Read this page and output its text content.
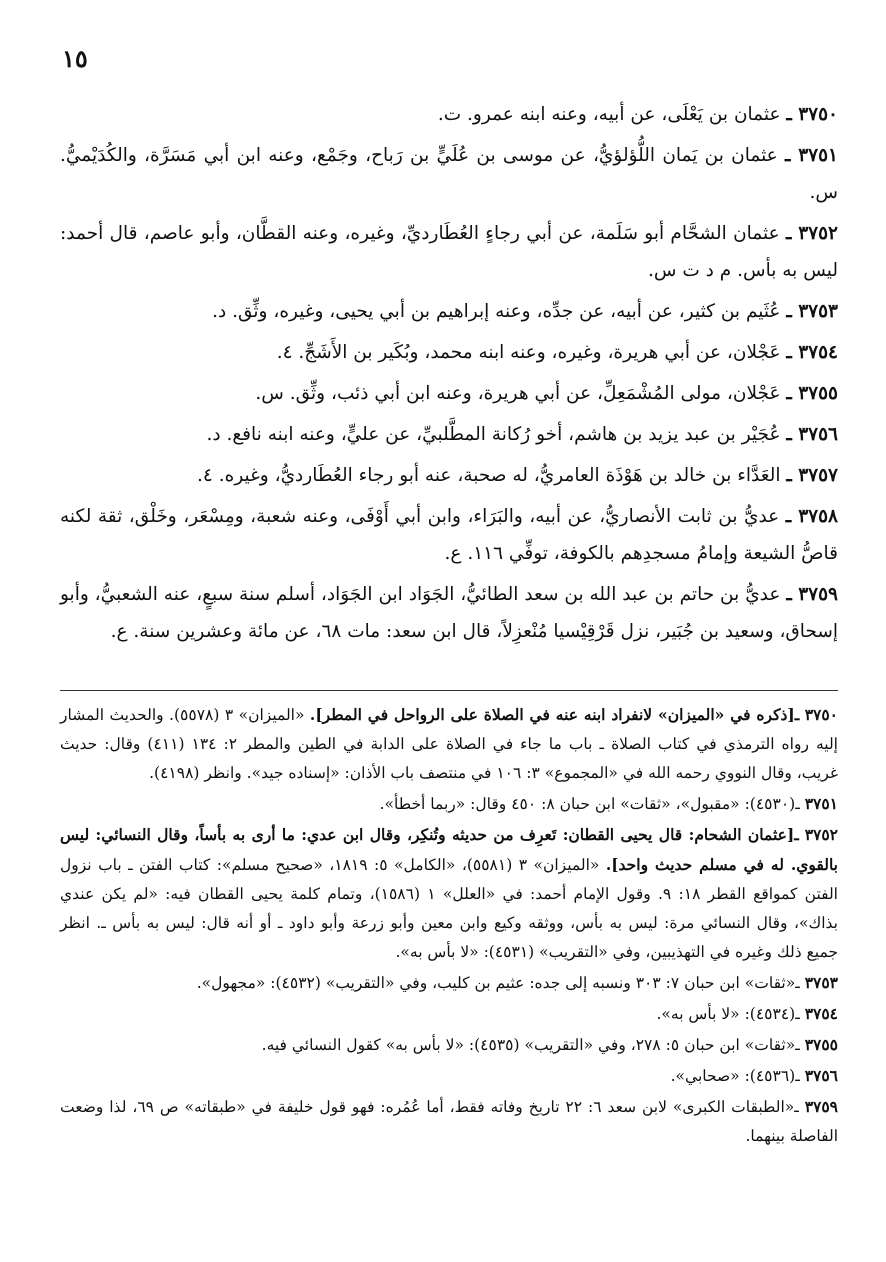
١٥

٣٧٥٠ ـ عثمان بن يَعْلَى، عن أبيه، وعنه ابنه عمرو. ت.

٣٧٥١ ـ عثمان بن يَمان اللُّؤلؤيُّ، عن موسى بن عُلَيٍّ بن رَباح، وجَمْع، وعنه ابن أبي مَسَرَّة، والكُدَيْميُّ. س.

٣٧٥٢ ـ عثمان الشحَّام أبو سَلَمة، عن أبي رجاءٍ العُطَارديِّ، وغيره، وعنه القطَّان، وأبو عاصم، قال أحمد: ليس به بأس. م د ت س.

٣٧٥٣ ـ عُثَيم بن كثير، عن أبيه، عن جدِّه، وعنه إبراهيم بن أبي يحيى، وغيره، وثِّق. د.

٣٧٥٤ ـ عَجْلان، عن أبي هريرة، وغيره، وعنه ابنه محمد، وبُكَير بن الأَشَجِّ. ٤.

٣٧٥٥ ـ عَجْلان، مولى المُشْمَعِلِّ، عن أبي هريرة، وعنه ابن أبي ذئب، وثِّق. س.

٣٧٥٦ ـ عُجَيْر بن عبد يزيد بن هاشم، أخو رُكانة المطَّلبيِّ، عن عليٍّ، وعنه ابنه نافع. د.

٣٧٥٧ ـ العَدَّاء بن خالد بن هَوْذَة العامريُّ، له صحبة، عنه أبو رجاء العُطَارديُّ، وغيره. ٤.

٣٧٥٨ ـ عديُّ بن ثابت الأنصاريُّ، عن أبيه، والبَرَاء، وابن أبي أَوْفَى، وعنه شعبة، ومِسْعَر، وخَلْق، ثقة لكنه قاصُّ الشيعة وإمامُ مسجدِهم بالكوفة، توفِّي ١١٦. ع.

٣٧٥٩ ـ عديُّ بن حاتم بن عبد الله بن سعد الطائيُّ، الجَوَاد ابن الجَوَاد، أسلم سنة سبعٍ، عنه الشعبيُّ، وأبو إسحاق، وسعيد بن جُبَير، نزل قَرْقِيْسيا مُنْعزِلاً، قال ابن سعد: مات ٦٨، عن مائة وعشرين سنة. ع.

٣٧٥٠ ـ[ذكره في «الميزان» لانفراد ابنه عنه في الصلاة على الرواحل في المطر]. «الميزان» ٣ (٥٥٧٨). والحديث المشار إليه رواه الترمذي في كتاب الصلاة ـ باب ما جاء في الصلاة على الدابة في الطين والمطر ٢: ١٣٤ (٤١١) وقال: حديث غريب، وقال النووي رحمه الله في «المجموع» ٣: ١٠٦ في منتصف باب الأذان: «إسناده جيد». وانظر (٤١٩٨).

٣٧٥١ ـ(٤٥٣٠): «مقبول»، «ثقات» ابن حبان ٨: ٤٥٠ وقال: «ربما أخطأ».

٣٧٥٢ ـ[عثمان الشحام: قال يحيى القطان: تَعرِف من حديثه وتُنكِر، وقال ابن عدي: ما أرى به بأساً، وقال النسائي: ليس بالقوي. له في مسلم حديث واحد]. «الميزان» ٣ (٥٥٨١)، «الكامل» ٥: ١٨١٩، «صحيح مسلم»: كتاب الفتن ـ باب نزول الفتن كمواقع القطر ١٨: ٩. وقول الإمام أحمد: في «العلل» ١ (١٥٨٦)، وتمام كلمة يحيى القطان فيه: «لم يكن عندي بذاك»، وقال النسائي مرة: ليس به بأس، ووثقه وكيع وابن معين وأبو زرعة وأبو داود ـ أو أنه قال: ليس به بأس ـ. انظر جميع ذلك وغيره في التهذيبين، وفي «التقريب» (٤٥٣١): «لا بأس به».

٣٧٥٣ ـ«ثقات» ابن حبان ٧: ٣٠٣ ونسبه إلى جده: عثيم بن كليب، وفي «التقريب» (٤٥٣٢): «مجهول».

٣٧٥٤ ـ(٤٥٣٤): «لا بأس به».

٣٧٥٥ ـ«ثقات» ابن حبان ٥: ٢٧٨، وفي «التقريب» (٤٥٣٥): «لا بأس به» كقول النسائي فيه.

٣٧٥٦ ـ(٤٥٣٦): «صحابي».

٣٧٥٩ ـ«الطبقات الكبرى» لابن سعد ٦: ٢٢ تاريخ وفاته فقط، أما عُمُره: فهو قول خليفة في «طبقاته» ص ٦٩، لذا وضعت الفاصلة بينهما.
